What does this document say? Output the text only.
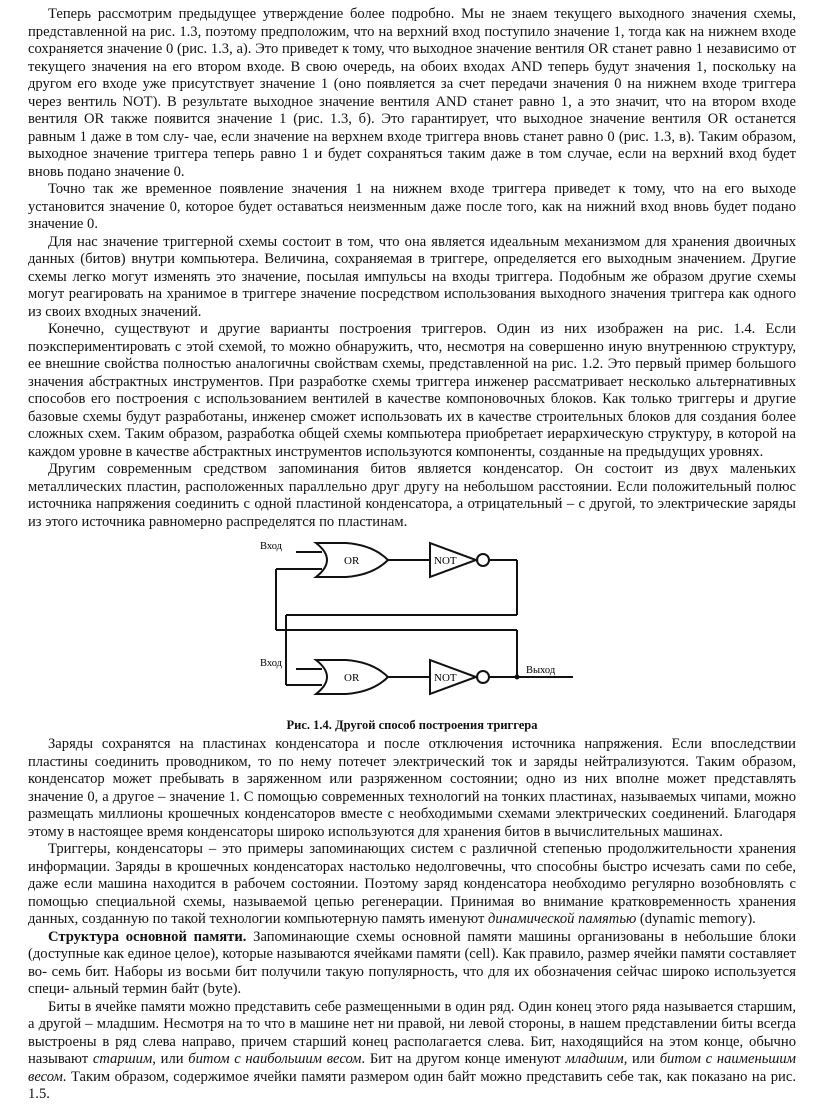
Теперь рассмотрим предыдущее утверждение более подробно. Мы не знаем текущего выходного значения схемы, представленной на рис. 1.3, поэтому предположим, что на верхний вход поступило значение 1, тогда как на нижнем входе сохраняется значение 0 (рис. 1.3, а). Это приведет к тому, что выходное значение вентиля OR станет равно 1 независимо от текущего значения на его втором входе. В свою очередь, на обоих входах AND теперь будут значения 1, поскольку на другом его входе уже присутствует значение 1 (оно появляется за счет передачи значения 0 на нижнем входе триггера через вентиль NOT). В результате выходное значение вентиля AND станет равно 1, а это значит, что на втором входе вентиля OR также появится значение 1 (рис. 1.3, б). Это гарантирует, что выходное значение вентиля OR останется равным 1 даже в том слу- чае, если значение на верхнем входе триггера вновь станет равно 0 (рис. 1.3, в). Таким образом, выходное значение триггера теперь равно 1 и будет сохраняться таким даже в том случае, если на верхний вход будет вновь подано значение 0.

Точно так же временное появление значения 1 на нижнем входе триггера приведет к тому, что на его выходе установится значение 0, которое будет оставаться неизменным даже после того, как на нижний вход вновь будет подано значение 0.

Для нас значение триггерной схемы состоит в том, что она является идеальным механизмом для хранения двоичных данных (битов) внутри компьютера. Величина, сохраняемая в триггере, определяется его выходным значением. Другие схемы легко могут изменять это значение, посылая импульсы на входы триггера. Подобным же образом другие схемы могут реагировать на хранимое в триггере значение посредством использования выходного значения триггера как одного из своих входных значений.

Конечно, существуют и другие варианты построения триггеров. Один из них изображен на рис. 1.4. Если поэкспериментировать с этой схемой, то можно обнаружить, что, несмотря на совершенно иную внутреннюю структуру, ее внешние свойства полностью аналогичны свойствам схемы, представленной на рис. 1.2. Это первый пример большого значения абстрактных инструментов. При разработке схемы триггера инженер рассматривает несколько альтернативных способов его построения с использованием вентилей в качестве компоновочных блоков. Как только триггеры и другие базовые схемы будут разработаны, инженер сможет использовать их в качестве строительных блоков для создания более сложных схем. Таким образом, разработка общей схемы компьютера приобретает иерархическую структуру, в которой на каждом уровне в качестве абстрактных инструментов используются компоненты, созданные на предыдущих уровнях.

Другим современным средством запоминания битов является конденсатор. Он состоит из двух маленьких металлических пластин, расположенных параллельно друг другу на небольшом расстоянии. Если положительный полюс источника напряжения соединить с одной пластиной конденсатора, а отрицательный – с другой, то электрические заряды из этого источника равномерно распределятся по пластинам.

OR	NOT
OR	NOT
Вход
Вход
Выход
Рис. 1.4. Другой способ построения триггера

Заряды сохранятся на пластинах конденсатора и после отключения источника напряжения. Если впоследствии пластины соединить проводником, то по нему потечет электрический ток и заряды нейтрализуются. Таким образом, конденсатор может пребывать в заряженном или разряженном состоянии; одно из них вполне может представлять значение 0, а другое – значение 1. С помощью современных технологий на тонких пластинах, называемых чипами, можно размещать миллионы крошечных конденсаторов вместе с необходимыми схемами электрических соединений. Благодаря этому в настоящее время конденсаторы широко используются для хранения битов в вычислительных машинах.

Триггеры, конденсаторы – это примеры запоминающих систем с различной степенью продолжительности хранения информации. Заряды в крошечных конденсаторах настолько недолговечны, что способны быстро исчезать сами по себе, даже если машина находится в рабочем состоянии. Поэтому заряд конденсатора необходимо регулярно возобновлять с помощью специальной схемы, называемой цепью регенерации. Принимая во внимание кратковременность хранения данных, созданную по такой технологии компьютерную память именуют динамической памятью (dynamic memory).

Структура основной памяти. Запоминающие схемы основной памяти машины организованы в небольшие блоки (доступные как единое целое), которые называются ячейками памяти (cell). Как правило, размер ячейки памяти составляет во- семь бит. Наборы из восьми бит получили такую популярность, что для их обозначения сейчас широко используется специ- альный термин байт (byte).

Биты в ячейке памяти можно представить себе размещенными в один ряд. Один конец этого ряда называется старшим, а другой – младшим. Несмотря на то что в машине нет ни правой, ни левой стороны, в нашем представлении биты всегда выстроены в ряд слева направо, причем старший конец располагается слева. Бит, находящийся на этом конце, обычно называют старшим, или битом с наибольшим весом. Бит на другом конце именуют младшим, или битом с наименьшим весом. Таким образом, содержимое ячейки памяти размером один байт можно представить себе так, как показано на рис. 1.5.
